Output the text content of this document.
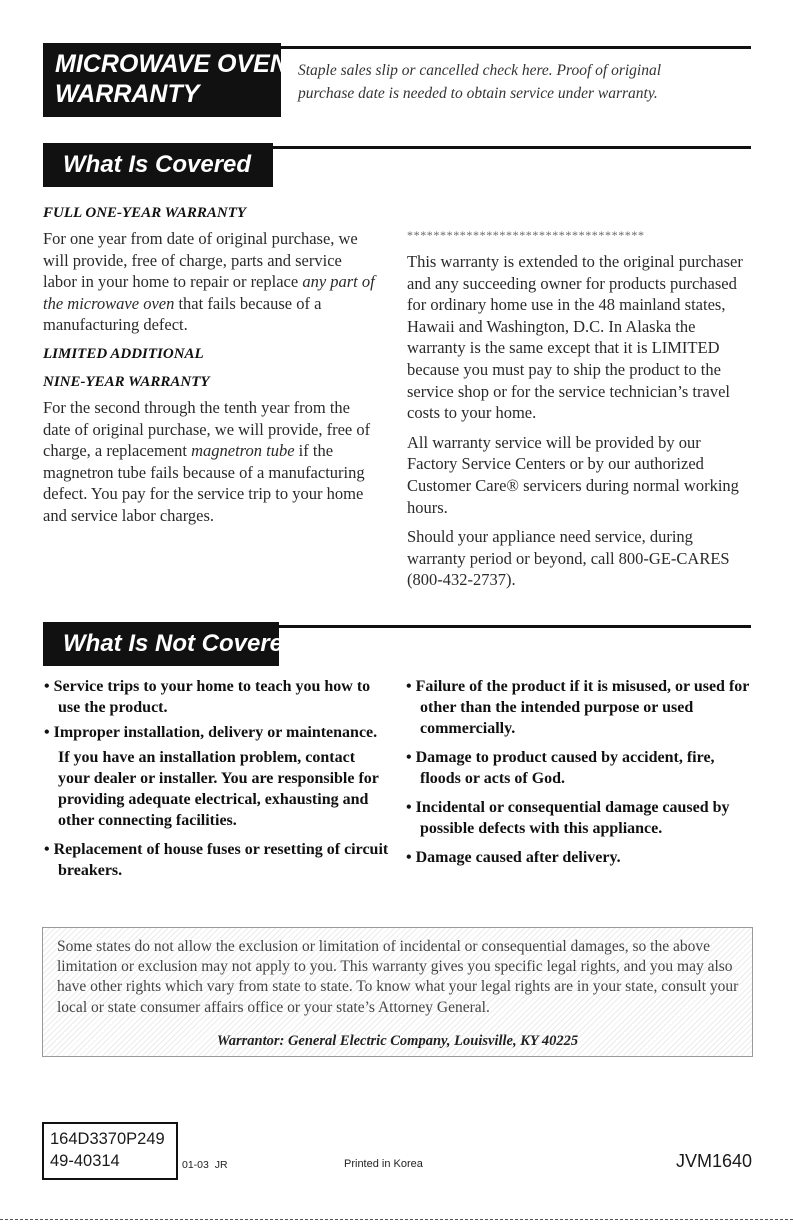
MICROWAVE OVEN
WARRANTY
Staple sales slip or cancelled check here. Proof of original
purchase date is needed to obtain service under warranty.
What Is Covered

FULL ONE-YEAR WARRANTY

For one year from date of original purchase, we will provide, free of charge, parts and service labor in your home to repair or replace any part of the microwave oven that fails because of a manufacturing defect.

LIMITED ADDITIONAL

NINE-YEAR WARRANTY

For the second through the tenth year from the date of original purchase, we will provide, free of charge, a replacement magnetron tube if the magnetron tube fails because of a manufacturing defect. You pay for the service trip to your home and service labor charges.

************************************

This warranty is extended to the original purchaser and any succeeding owner for products purchased for ordinary home use in the 48 mainland states, Hawaii and Washington, D.C. In Alaska the warranty is the same except that it is LIMITED because you must pay to ship the product to the service shop or for the service technician’s travel costs to your home.

All warranty service will be provided by our Factory Service Centers or by our authorized Customer Care® servicers during normal working hours.

Should your appliance need service, during warranty period or beyond, call 800-GE-CARES (800-432-2737).

What Is Not Covered
• Service trips to your home to teach you how to use the product.
• Improper installation, delivery or maintenance.
If you have an installation problem, contact your dealer or installer. You are responsible for providing adequate electrical, exhausting and other connecting facilities.
• Replacement of house fuses or resetting of circuit breakers.
• Failure of the product if it is misused, or used for other than the intended purpose or used commercially.
• Damage to product caused by accident, fire, floods or acts of God.
• Incidental or consequential damage caused by possible defects with this appliance.
• Damage caused after delivery.
Some states do not allow the exclusion or limitation of incidental or consequential damages, so the above limitation or exclusion may not apply to you. This warranty gives you specific legal rights, and you may also have other rights which vary from state to state. To know what your legal rights are in your state, consult your local or state consumer affairs office or your state’s Attorney General.
Warrantor: General Electric Company, Louisville, KY 40225
164D3370P249
49-40314	01-03  JR	Printed in Korea	JVM1640
